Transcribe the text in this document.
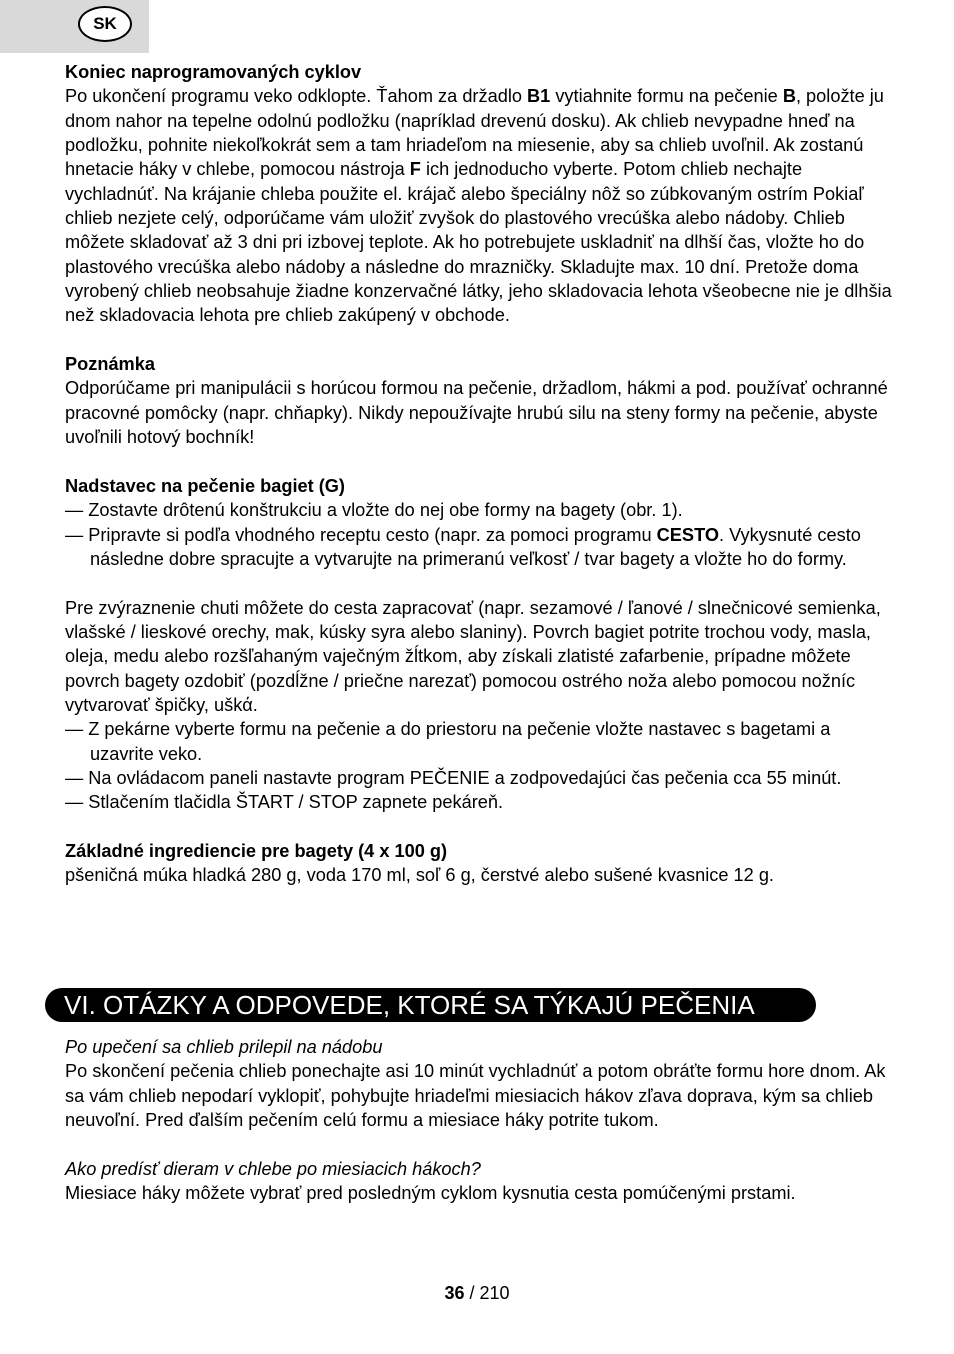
SK

Koniec naprogramovaných cyklov

Po ukončení programu veko odklopte. Ťahom za držadlo B1 vytiahnite formu na pečenie B, položte ju dnom nahor na tepelne odolnú podložku (napríklad drevenú dosku). Ak chlieb nevypadne hneď na podložku, pohnite niekoľkokrát sem a tam hriadeľom na miesenie, aby sa chlieb uvoľnil. Ak zostanú hnetacie háky v chlebe, pomocou nástroja F ich jednoducho vyberte. Potom chlieb nechajte vychladnúť. Na krájanie chleba použite el. krájač alebo špeciálny nôž so zúbkovaným ostrím Pokiaľ chlieb nezjete celý, odporúčame vám uložiť zvyšok do plastového vrecúška alebo nádoby. Chlieb môžete skladovať až 3 dni pri izbovej teplote. Ak ho potrebujete uskladniť na dlhší čas, vložte ho do plastového vrecúška alebo nádoby a následne do mrazničky. Skladujte max. 10 dní. Pretože doma vyrobený chlieb neobsahuje žiadne konzervačné látky, jeho skladovacia lehota všeobecne nie je dlhšia než skladovacia lehota pre chlieb zakúpený v obchode.

Poznámka

Odporúčame pri manipulácii s horúcou formou na pečenie, držadlom, hákmi a pod. používať ochranné pracovné pomôcky (napr. chňapky). Nikdy nepoužívajte hrubú silu na steny formy na pečenie, abyste uvoľnili hotový bochník!

Nadstavec na pečenie bagiet (G)

— Zostavte drôtenú konštrukciu a vložte do nej obe formy na bagety (obr. 1).

— Pripravte si podľa vhodného receptu cesto (napr. za pomoci programu CESTO. Vykysnuté cesto následne dobre spracujte a vytvarujte na primeranú veľkosť / tvar bagety a vložte ho do formy.

Pre zvýraznenie chuti môžete do cesta zapracovať (napr. sezamové / ľanové / slnečnicové semienka, vlašské / lieskové orechy, mak, kúsky syra alebo slaniny). Povrch bagiet potrite trochou vody, masla, oleja, medu alebo rozšľahaným vaječným žĺtkom, aby získali zlatisté zafarbenie, prípadne môžete povrch bagety ozdobiť (pozdĺžne / priečne narezať) pomocou ostrého noža alebo pomocou nožníc vytvarovať špičky, uškά.

— Z pekárne vyberte formu na pečenie a do priestoru na pečenie vložte nastavec s bagetami a uzavrite veko.

— Na ovládacom paneli nastavte program PEČENIE a zodpovedajúci čas pečenia cca 55 minút.

— Stlačením tlačidla ŠTART / STOP zapnete pekáreň.

Základné ingrediencie pre bagety (4 x 100 g)

pšeničná múka hladká 280 g, voda 170 ml, soľ 6 g, čerstvé alebo sušené kvasnice 12 g.

VI. OTÁZKY A ODPOVEDE, KTORÉ SA TÝKAJÚ PEČENIA

Po upečení sa chlieb prilepil na nádobu

Po skončení pečenia chlieb ponechajte asi 10 minút vychladnúť a potom obráťte formu hore dnom. Ak sa vám chlieb nepodarí vyklopiť, pohybujte hriadeľmi miesiacich hákov zľava doprava, kým sa chlieb neuvoľní. Pred ďalším pečením celú formu a miesiace háky potrite tukom.

Ako predísť dieram v chlebe po miesiacich hákoch?

Miesiace háky môžete vybrať pred posledným cyklom kysnutia cesta pomúčenými prstami.

36 / 210
